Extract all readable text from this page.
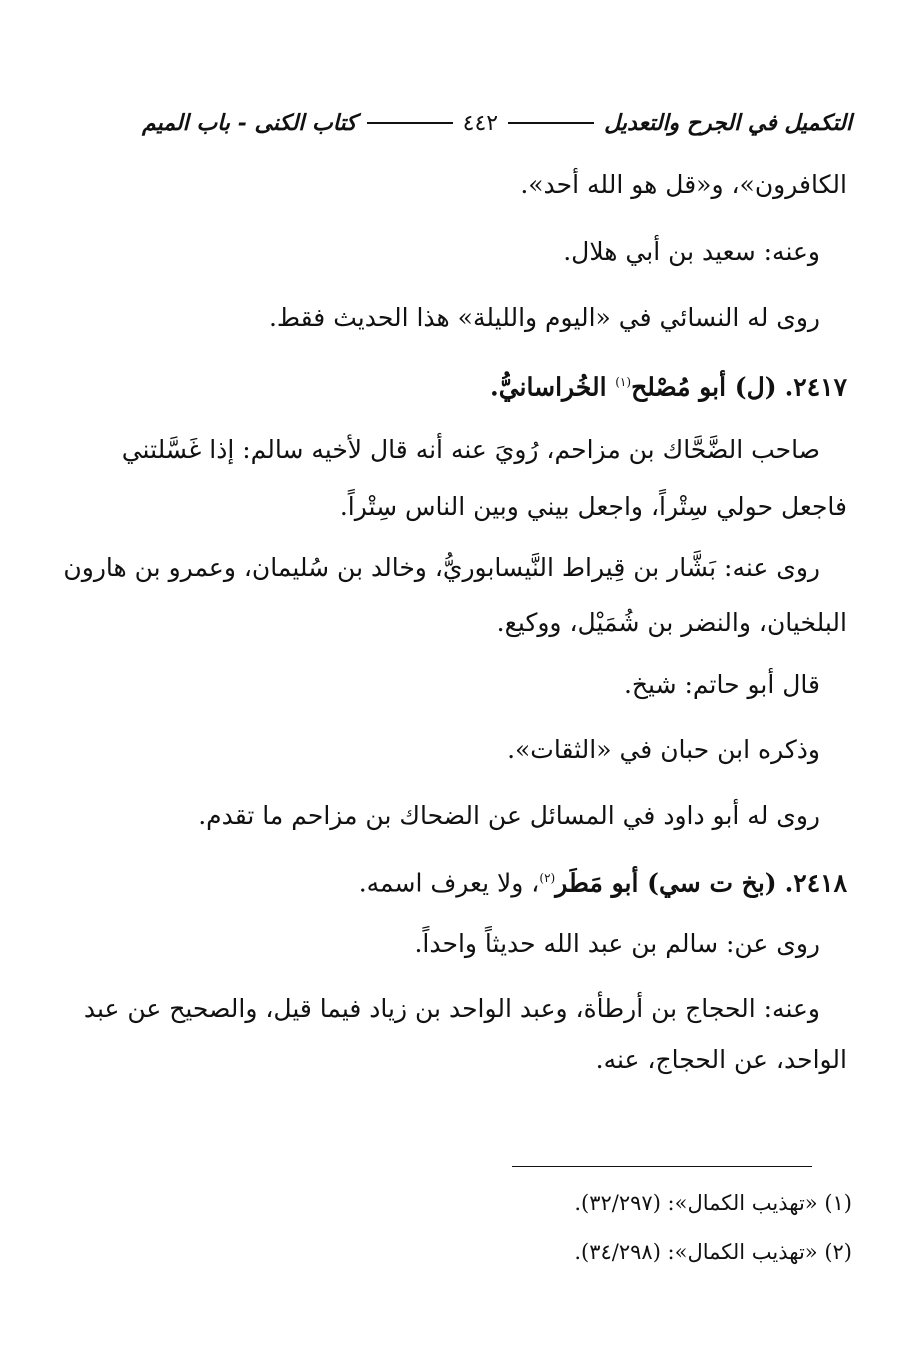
التكميل في الجرح والتعديل
٤٤٢
كتاب الكنى - باب الميم
الكافرون»، و«قل هو الله أحد».
وعنه: سعيد بن أبي هلال.
روى له النسائي في «اليوم والليلة» هذا الحديث فقط.
٢٤١٧. (ل) أبو مُصْلح$^{(١)}$ الخُراسانيُّ.
صاحب الضَّحَّاك بن مزاحم، رُويَ عنه أنه قال لأخيه سالم: إذا غَسَّلتني
فاجعل حولي سِتْراً، واجعل بيني وبين الناس سِتْراً.
روى عنه: بَشَّار بن قِيراط النَّيسابوريُّ، وخالد بن سُليمان، وعمرو بن هارون
البلخيان، والنضر بن شُمَيْل، ووكيع.
قال أبو حاتم: شيخ.
وذكره ابن حبان في «الثقات».
روى له أبو داود في المسائل عن الضحاك بن مزاحم ما تقدم.
٢٤١٨. (بخ ت سي) أبو مَطَر$^{(٢)}$، ولا يعرف اسمه.
روى عن: سالم بن عبد الله حديثاً واحداً.
وعنه: الحجاج بن أرطأة، وعبد الواحد بن زياد فيما قيل، والصحيح عن عبد
الواحد، عن الحجاج، عنه.
(١) «تهذيب الكمال»: (٣٢/٢٩٧).
(٢) «تهذيب الكمال»: (٣٤/٢٩٨).
